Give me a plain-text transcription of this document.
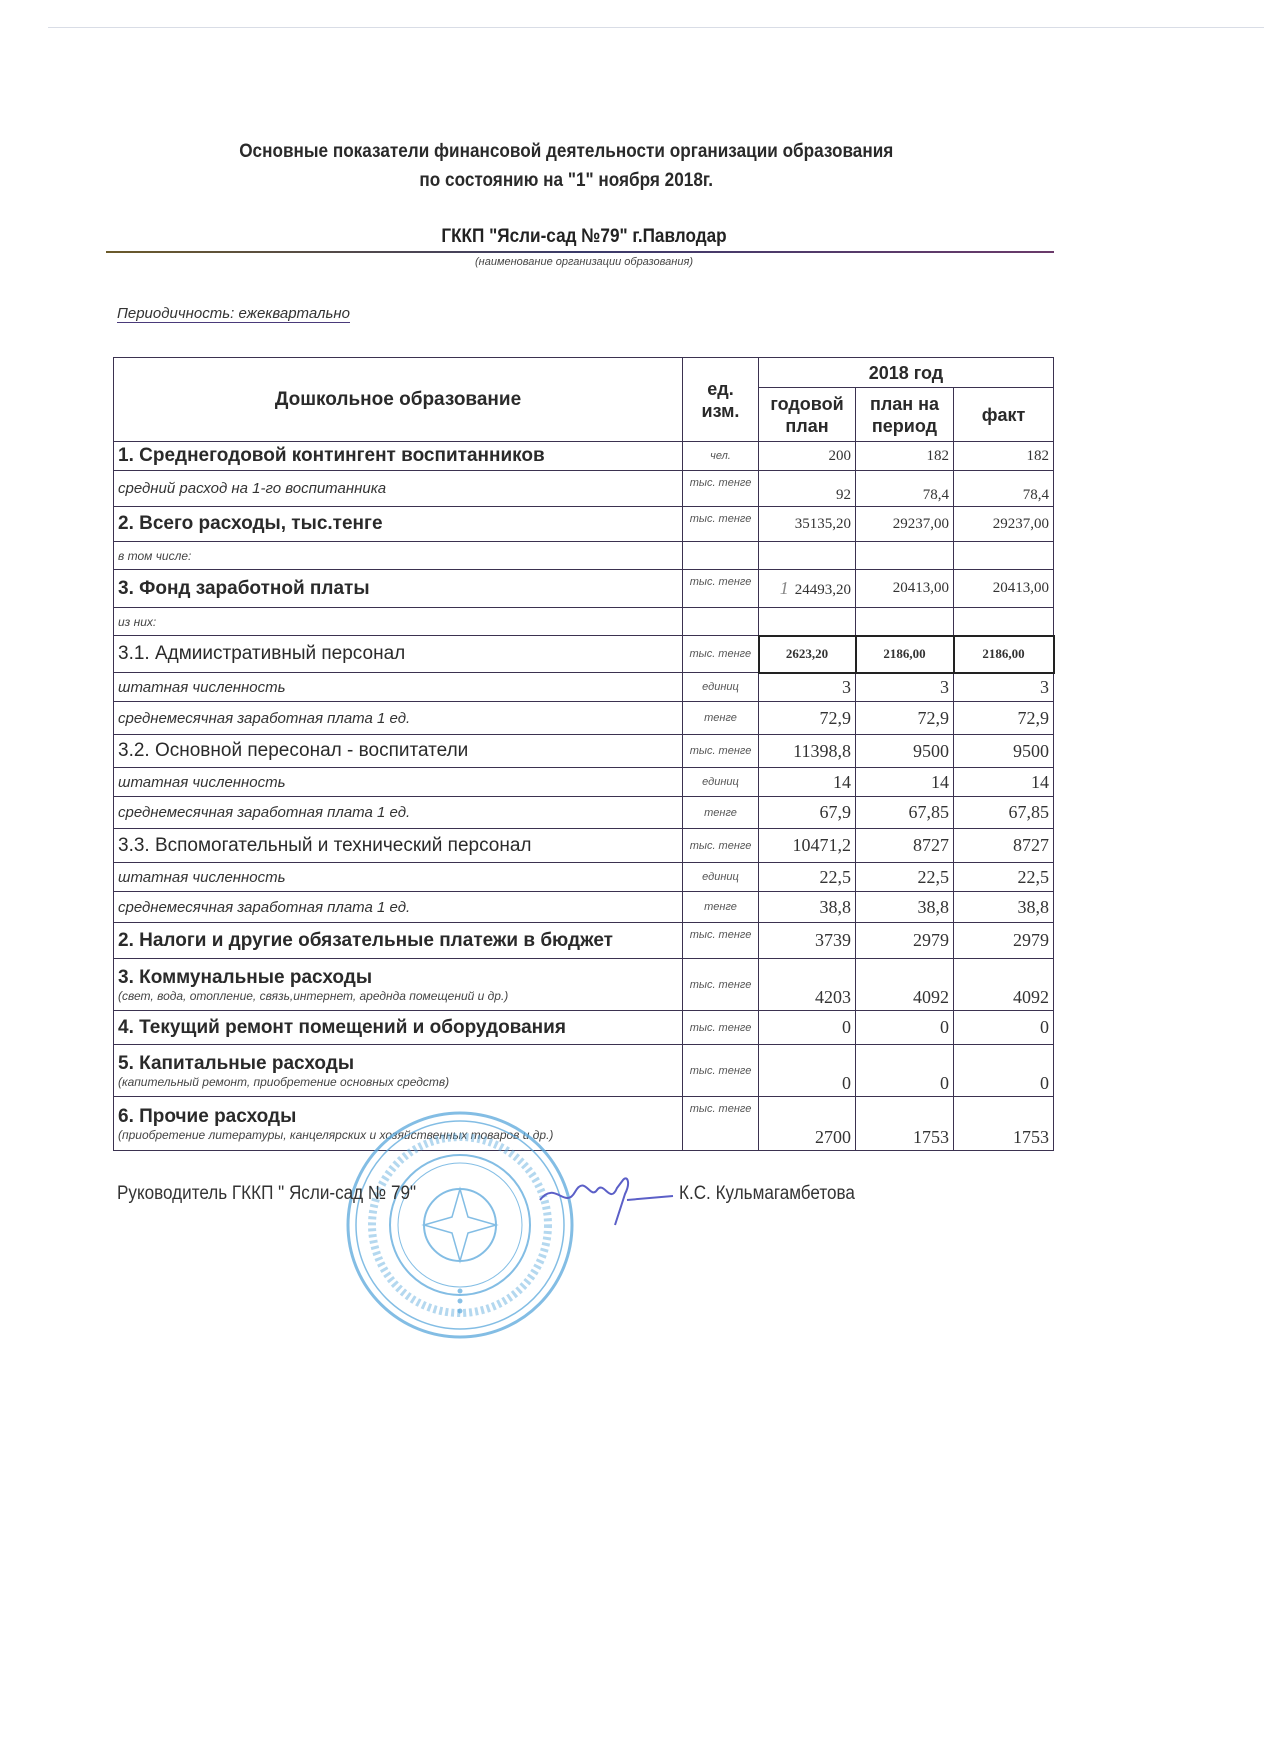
Основные показатели финансовой деятельности организации образования
по состоянию на "1" ноября 2018г.
ГККП "Ясли-сад №79" г.Павлодар
(наименование организации образования)
Периодичность: ежеквартально
Дошкольное образование	ед. изм.	2018 год		
		годовой план	план на период	факт
1. Среднегодовой контингент воспитанников	чел.	200	182	182
средний расход на 1-го воспитанника	тыс. тенге	92	78,4	78,4
2. Всего расходы, тыс.тенге	тыс. тенге	35135,20	29237,00	29237,00
в том числе:				
3. Фонд заработной платы	тыс. тенге	1 24493,20	20413,00	20413,00
из них:				
3.1. Адмиистративный персонал	тыс. тенге	2623,20	2186,00	2186,00
штатная численность	единиц	3	3	3
среднемесячная заработная плата 1 ед.	тенге	72,9	72,9	72,9
3.2. Основной пересонал - воспитатели	тыс. тенге	11398,8	9500	9500
штатная численность	единиц	14	14	14
среднемесячная заработная плата 1 ед.	тенге	67,9	67,85	67,85
3.3. Вспомогательный и технический персонал	тыс. тенге	10471,2	8727	8727
штатная численность	единиц	22,5	22,5	22,5
среднемесячная заработная плата 1 ед.	тенге	38,8	38,8	38,8
2. Налоги и другие обязательные платежи в бюджет	тыс. тенге	3739	2979	2979

3. Коммунальные расходы
(свет, вода, отопление, связь,интернет, аредндa помещений и др.)	тыс. тенге	4203	4092	4092
4. Текущий ремонт помещений и оборудования	тыс. тенге	0	0	0

5. Капитальные расходы
(капительный ремонт, приобретение основных средств)	тыс. тенге	0	0	0

6. Прочие расходы
(приобретение литературы, канцелярских и хозяйственных товаров и др.)	тыс. тенге	2700	1753	1753
Руководитель ГККП " Ясли-сад № 79"	К.С. Кульмагамбетова
